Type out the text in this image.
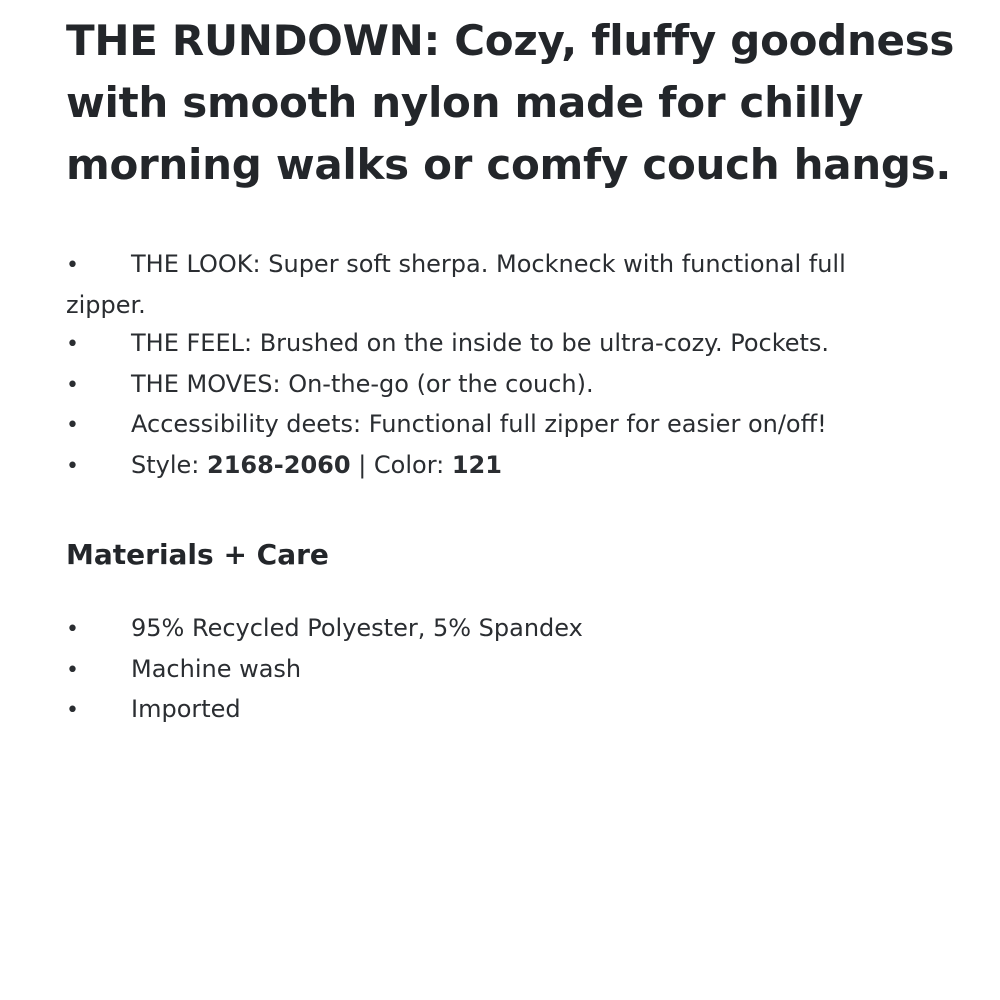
THE RUNDOWN: Cozy, fluffy goodness with smooth nylon made for chilly morning walks or comfy couch hangs.
• THE LOOK: Super soft sherpa. Mockneck with functional full zipper.
• THE FEEL: Brushed on the inside to be ultra-cozy. Pockets.
• THE MOVES: On-the-go (or the couch).
• Accessibility deets: Functional full zipper for easier on/off!
• Style: 2168-2060 | Color: 121
Materials + Care
• 95% Recycled Polyester, 5% Spandex
• Machine wash
• Imported
